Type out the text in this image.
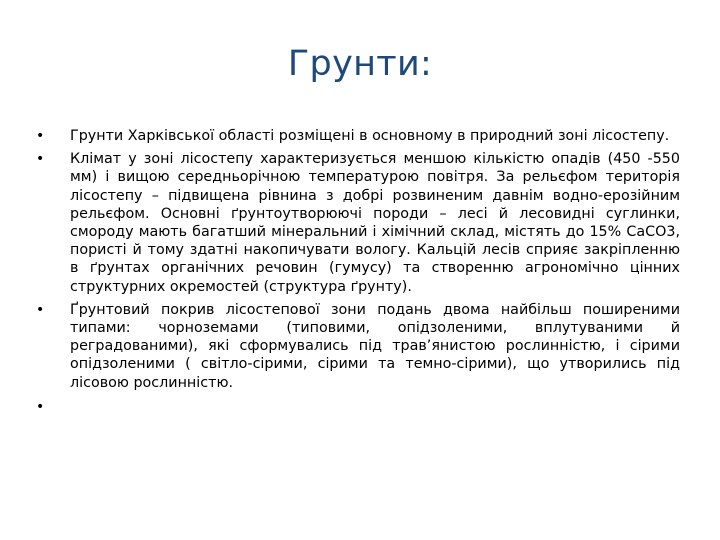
Грунти:
•	Грунти Харківської області розміщені в основному в природний зоні лісостепу.
•	Клімат у зоні лісостепу характеризується меншою кількістю опадів (450 -550 мм) і вищою середньорічною температурою повітря. За рельєфом територія лісостепу – підвищена рівнина з добрі розвиненим давнім водно-ерозійним рельєфом. Основні ґрунтоутворюючі породи – лесі й лесовидні суглинки, смороду мають багатший мінеральний і хімічний склад, містять до 15% CaCO3, пористі й тому здатні накопичувати вологу. Кальцій лесів сприяє закріпленню в ґрунтах органічних речовин (гумусу) та створенню агрономічно цінних структурних окремостей (структура ґрунту).
•	Ґрунтовий покрив лісостепової зони подань двома найбільш поширеними типами: чорноземами (типовими, опідзоленими, вплутуваними й реградованими), які сформувались під трав’янистою рослинністю, і сірими опідзоленими ( світло-сірими, сірими та темно-сірими), що утворились під лісовою рослинністю.
•
